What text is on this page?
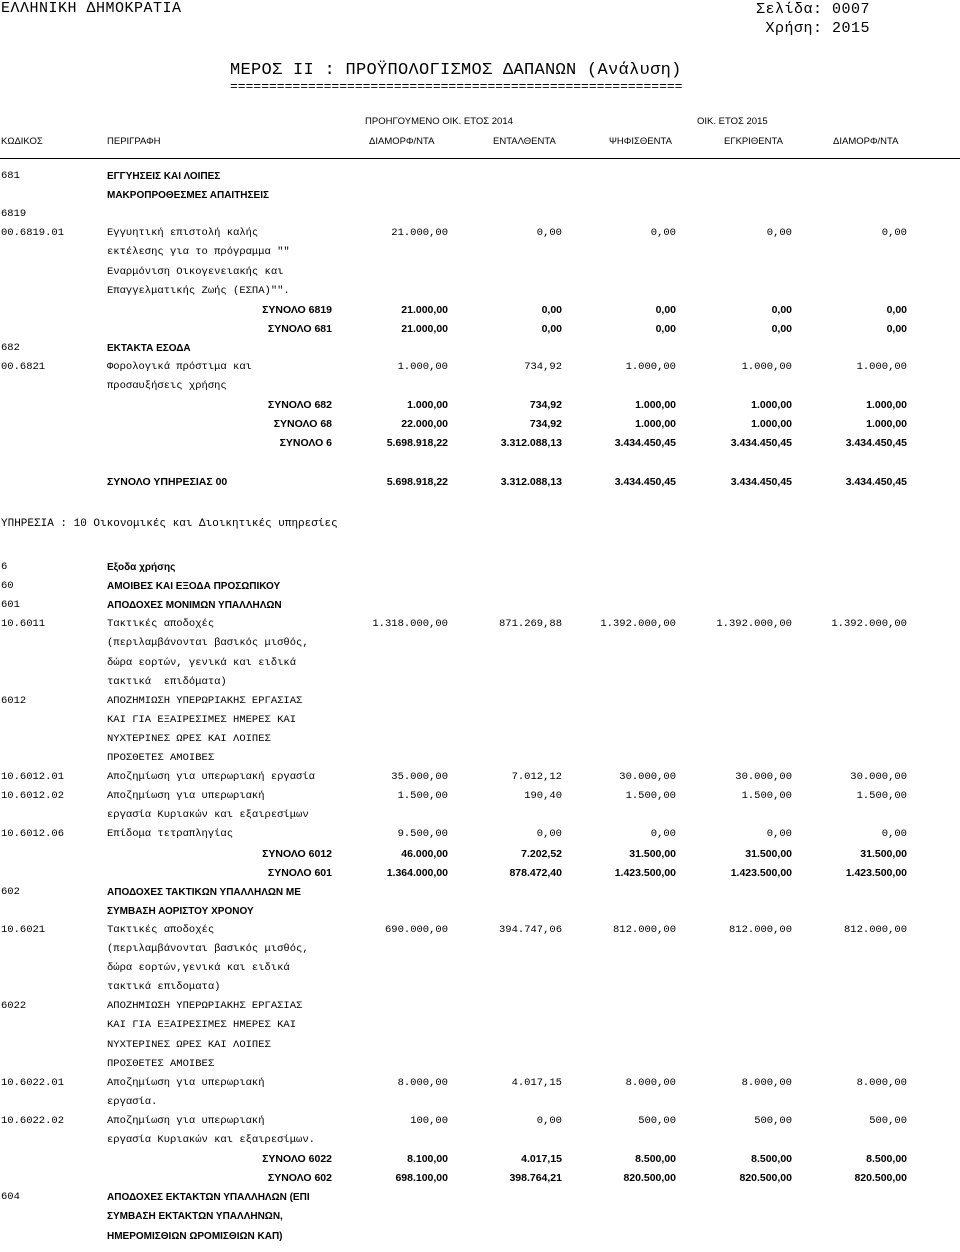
ΕΛΛΗΝΙΚΗ ΔΗΜΟΚΡΑΤΙΑ	Σελίδα: 0007
Χρήση: 2015
ΜΕΡΟΣ ΙΙ : ΠΡΟΫΠΟΛΟΓΙΣΜΟΣ ΔΑΠΑΝΩΝ (Ανάλυση)
==========================================================
ΠΡΟΗΓΟΥΜΕΝΟ ΟΙΚ. ΕΤΟΣ 2014	ΟΙΚ. ΕΤΟΣ 2015
ΚΩΔΙΚΟΣ	ΠΕΡΙΓΡΑΦΗ	ΔΙΑΜΟΡΦ/ΝΤΑ	ΕΝΤΑΛΘΕΝΤΑ	ΨΗΦΙΣΘΕΝΤΑ	ΕΓΚΡΙΘΕΝΤΑ	ΔΙΑΜΟΡΦ/ΝΤΑ
681	ΕΓΓΥΗΣΕΙΣ ΚΑΙ ΛΟΙΠΕΣ
ΜΑΚΡΟΠΡΟΘΕΣΜΕΣ ΑΠΑΙΤΗΣΕΙΣ
6819
00.6819.01	Εγγυητική επιστολή καλής	21.000,00	0,00	0,00	0,00	0,00
εκτέλεσης για το πρόγραμμα ""
Εναρμόνιση Οικογενειακής και
Επαγγελματικής Ζωής (ΕΣΠΑ)"".
ΣΥΝΟΛΟ 6819	21.000,00	0,00	0,00	0,00	0,00
ΣΥΝΟΛΟ 681	21.000,00	0,00	0,00	0,00	0,00
682	ΕΚΤΑΚΤΑ ΕΣΟΔΑ
00.6821	Φορολογικά πρόστιμα και	1.000,00	734,92	1.000,00	1.000,00	1.000,00
προσαυξήσεις χρήσης
ΣΥΝΟΛΟ 682	1.000,00	734,92	1.000,00	1.000,00	1.000,00
ΣΥΝΟΛΟ 68	22.000,00	734,92	1.000,00	1.000,00	1.000,00
ΣΥΝΟΛΟ 6	5.698.918,22	3.312.088,13	3.434.450,45	3.434.450,45	3.434.450,45
ΣΥΝΟΛΟ ΥΠΗΡΕΣΙΑΣ 00	5.698.918,22	3.312.088,13	3.434.450,45	3.434.450,45	3.434.450,45
ΥΠΗΡΕΣΙΑ : 10 Οικονομικές και Διοικητικές υπηρεσίες
6	Εξοδα χρήσης
60	ΑΜΟΙΒΕΣ ΚΑΙ ΕΞΟΔΑ ΠΡΟΣΩΠΙΚΟΥ
601	ΑΠΟΔΟΧΕΣ ΜΟΝΙΜΩΝ ΥΠΑΛΛΗΛΩΝ
10.6011	Τακτικές αποδοχές	1.318.000,00	871.269,88	1.392.000,00	1.392.000,00	1.392.000,00
(περιλαμβάνονται βασικός μισθός,
δώρα εορτών, γενικά και ειδικά
τακτικά  επιδόματα)
6012	ΑΠΟΖΗΜΙΩΣΗ ΥΠΕΡΩΡΙΑΚΗΣ ΕΡΓΑΣΙΑΣ
ΚΑΙ ΓΙΑ ΕΞΑΙΡΕΣΙΜΕΣ ΗΜΕΡΕΣ ΚΑΙ
ΝΥΧΤΕΡΙΝΕΣ ΩΡΕΣ ΚΑΙ ΛΟΙΠΕΣ
ΠΡΟΣΘΕΤΕΣ ΑΜΟΙΒΕΣ
10.6012.01	Αποζημίωση για υπερωριακή εργασία	35.000,00	7.012,12	30.000,00	30.000,00	30.000,00
10.6012.02	Αποζημίωση για υπερωριακή	1.500,00	190,40	1.500,00	1.500,00	1.500,00
εργασία Κυριακών και εξαιρεσίμων
10.6012.06	Επίδομα τετραπληγίας	9.500,00	0,00	0,00	0,00	0,00
ΣΥΝΟΛΟ 6012	46.000,00	7.202,52	31.500,00	31.500,00	31.500,00
ΣΥΝΟΛΟ 601	1.364.000,00	878.472,40	1.423.500,00	1.423.500,00	1.423.500,00
602	ΑΠΟΔΟΧΕΣ ΤΑΚΤΙΚΩΝ ΥΠΑΛΛΗΛΩΝ ΜΕ
ΣΥΜΒΑΣΗ ΑΟΡΙΣΤΟΥ ΧΡΟΝΟΥ
10.6021	Τακτικές αποδοχές	690.000,00	394.747,06	812.000,00	812.000,00	812.000,00
(περιλαμβάνονται βασικός μισθός,
δώρα εορτών,γενικά και ειδικά
τακτικά επιδοματα)
6022	ΑΠΟΖΗΜΙΩΣΗ ΥΠΕΡΩΡΙΑΚΗΣ ΕΡΓΑΣΙΑΣ
ΚΑΙ ΓΙΑ ΕΞΑΙΡΕΣΙΜΕΣ ΗΜΕΡΕΣ ΚΑΙ
ΝΥΧΤΕΡΙΝΕΣ ΩΡΕΣ ΚΑΙ ΛΟΙΠΕΣ
ΠΡΟΣΘΕΤΕΣ ΑΜΟΙΒΕΣ
10.6022.01	Αποζημίωση για υπερωριακή	8.000,00	4.017,15	8.000,00	8.000,00	8.000,00
εργασία.
10.6022.02	Αποζημίωση για υπερωριακή	100,00	0,00	500,00	500,00	500,00
εργασία Κυριακών και εξαιρεσίμων.
ΣΥΝΟΛΟ 6022	8.100,00	4.017,15	8.500,00	8.500,00	8.500,00
ΣΥΝΟΛΟ 602	698.100,00	398.764,21	820.500,00	820.500,00	820.500,00
604	ΑΠΟΔΟΧΕΣ ΕΚΤΑΚΤΩΝ ΥΠΑΛΛΗΛΩΝ (ΕΠΙ
ΣΥΜΒΑΣΗ ΕΚΤΑΚΤΩΝ ΥΠΑΛΛΗΝΩΝ,
ΗΜΕΡΟΜΙΣΘΙΩΝ ΩΡΟΜΙΣΘΙΩΝ ΚΑΠ)
